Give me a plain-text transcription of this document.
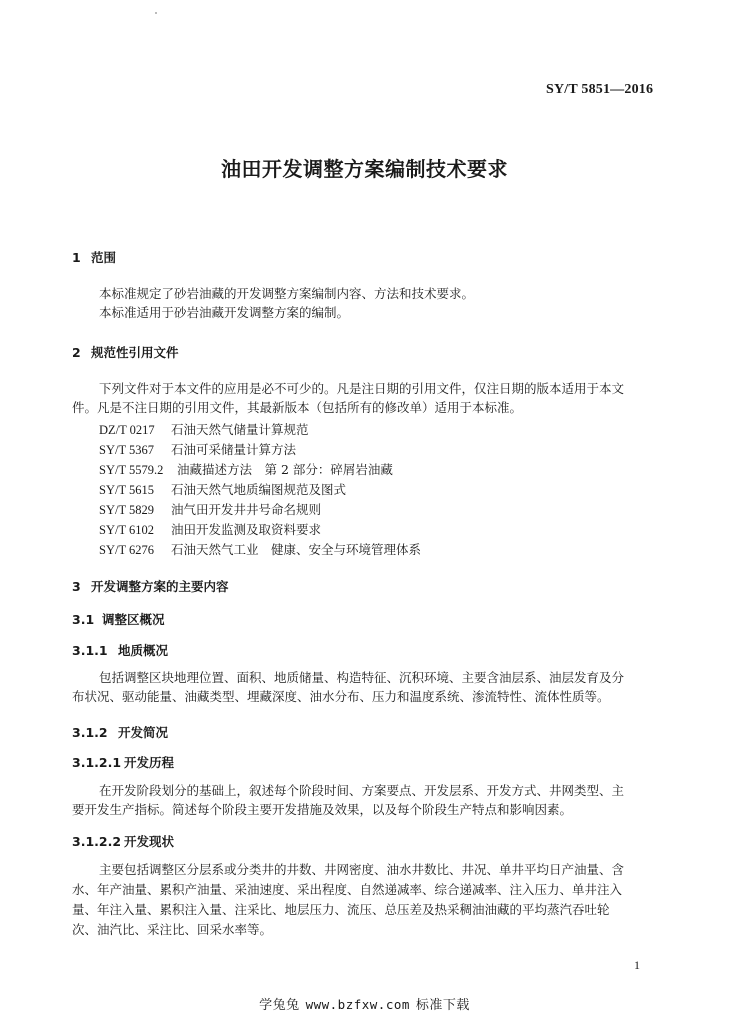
SY/T 5851—2016
油田开发调整方案编制技术要求
1 范围
本标准规定了砂岩油藏的开发调整方案编制内容、方法和技术要求。
本标准适用于砂岩油藏开发调整方案的编制。
2 规范性引用文件
下列文件对于本文件的应用是必不可少的。凡是注日期的引用文件，仅注日期的版本适用于本文
件。凡是不注日期的引用文件，其最新版本（包括所有的修改单）适用于本标准。
DZ/T 0217 石油天然气储量计算规范
SY/T 5367 石油可采储量计算方法
SY/T 5579.2 油藏描述方法　第 2 部分：碎屑岩油藏
SY/T 5615 石油天然气地质编图规范及图式
SY/T 5829 油气田开发井井号命名规则
SY/T 6102 油田开发监测及取资料要求
SY/T 6276 石油天然气工业　健康、安全与环境管理体系
3 开发调整方案的主要内容
3.1 调整区概况
3.1.1 地质概况
包括调整区块地理位置、面积、地质储量、构造特征、沉积环境、主要含油层系、油层发育及分
布状况、驱动能量、油藏类型、埋藏深度、油水分布、压力和温度系统、渗流特性、流体性质等。
3.1.2 开发简况
3.1.2.1 开发历程
在开发阶段划分的基础上，叙述每个阶段时间、方案要点、开发层系、开发方式、井网类型、主
要开发生产指标。简述每个阶段主要开发措施及效果，以及每个阶段生产特点和影响因素。
3.1.2.2 开发现状
主要包括调整区分层系或分类井的井数、井网密度、油水井数比、井况、单井平均日产油量、含
水、年产油量、累积产油量、采油速度、采出程度、自然递减率、综合递减率、注入压力、单井注入
量、年注入量、累积注入量、注采比、地层压力、流压、总压差及热采稠油油藏的平均蒸汽吞吐轮
次、油汽比、采注比、回采水率等。
1
学兔兔 www.bzfxw.com 标准下载
